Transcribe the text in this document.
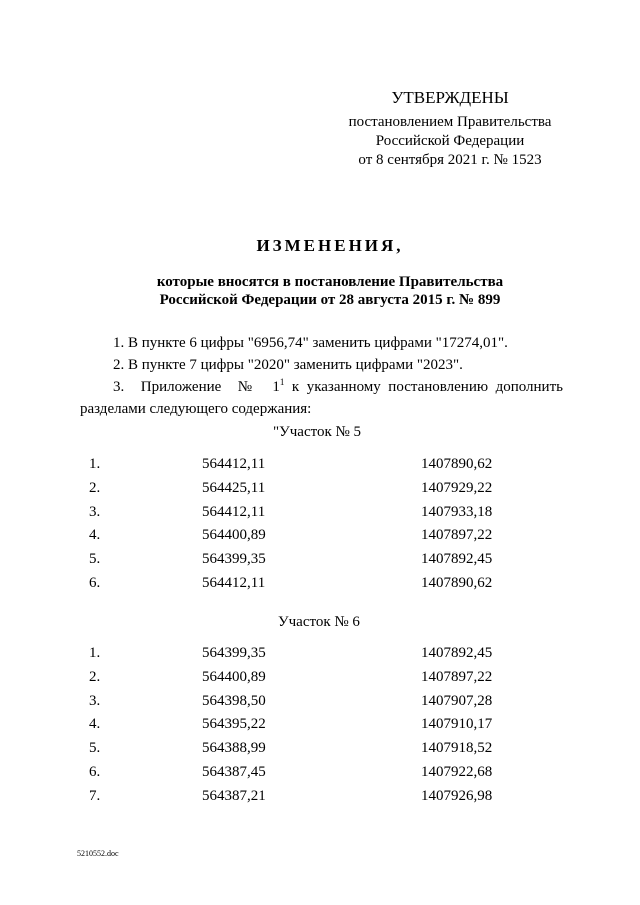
УТВЕРЖДЕНЫ
постановлением Правительства
Российской Федерации
от 8 сентября 2021 г. № 1523
ИЗМЕНЕНИЯ,
которые вносятся в постановление Правительства
Российской Федерации от 28 августа 2015 г. № 899

1. В пункте 6 цифры "6956,74" заменить цифрами "17274,01".

2. В пункте 7 цифры "2020" заменить цифрами "2023".

3. Приложение № $1^1$ к указанному постановлению дополнить разделами следующего содержания:

"Участок № 5
1.	564412,11	1407890,62
2.	564425,11	1407929,22
3.	564412,11	1407933,18
4.	564400,89	1407897,22
5.	564399,35	1407892,45
6.	564412,11	1407890,62
Участок № 6
1.	564399,35	1407892,45
2.	564400,89	1407897,22
3.	564398,50	1407907,28
4.	564395,22	1407910,17
5.	564388,99	1407918,52
6.	564387,45	1407922,68
7.	564387,21	1407926,98
5210552.doc
